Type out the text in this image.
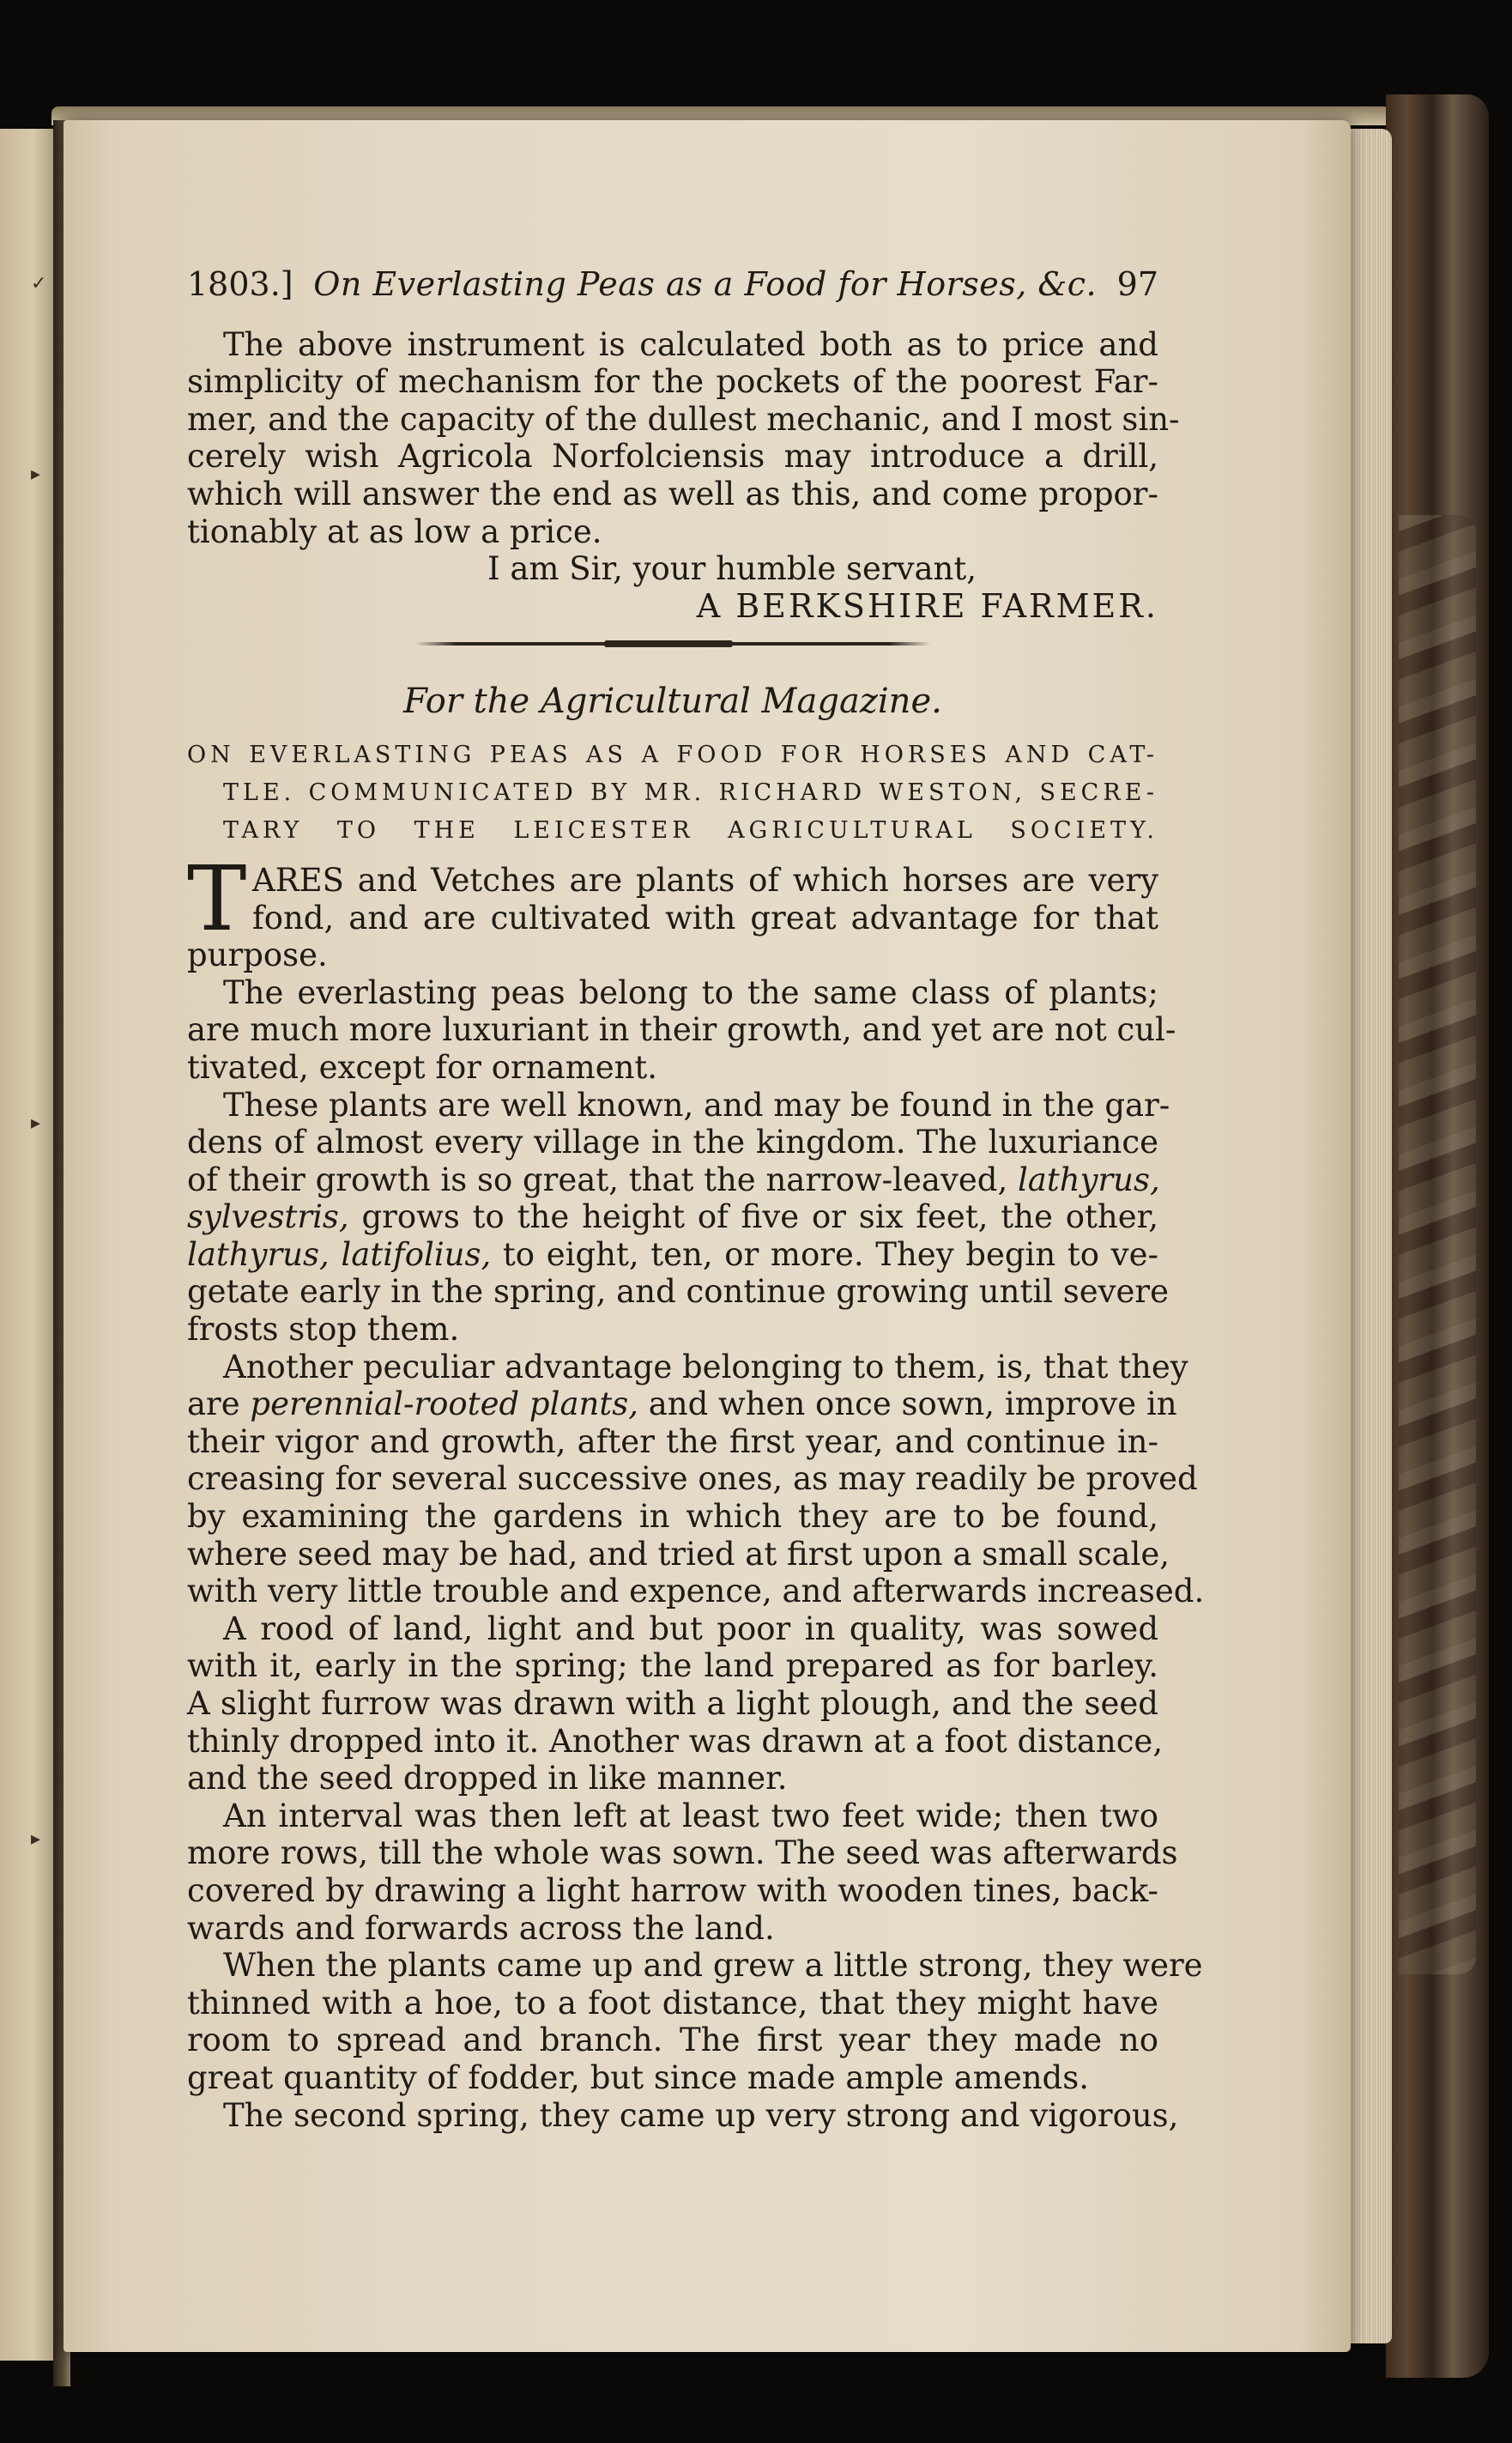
✓
▸
▸
▸
1803.] On Everlasting Peas as a Food for Horses, &c. 97
The above instrument is calculated both as to price and
simplicity of mechanism for the pockets of the poorest Far-
mer, and the capacity of the dullest mechanic, and I most sin-
cerely wish Agricola Norfolciensis may introduce a drill,
which will answer the end as well as this, and come propor-
tionably at as low a price.
I am Sir, your humble servant,
A BERKSHIRE FARMER.
For the Agricultural Magazine.
ON EVERLASTING PEAS AS A FOOD FOR HORSES AND CAT-
TLE. COMMUNICATED BY MR. RICHARD WESTON, SECRE-
TARY TO THE LEICESTER AGRICULTURAL SOCIETY.
T ARES and Vetches are plants of which horses are very
fond, and are cultivated with great advantage for that
purpose.
The everlasting peas belong to the same class of plants;
are much more luxuriant in their growth, and yet are not cul-
tivated, except for ornament.
These plants are well known, and may be found in the gar-
dens of almost every village in the kingdom. The luxuriance
of their growth is so great, that the narrow-leaved, lathyrus,
sylvestris, grows to the height of five or six feet, the other,
lathyrus, latifolius, to eight, ten, or more. They begin to ve-
getate early in the spring, and continue growing until severe
frosts stop them.
Another peculiar advantage belonging to them, is, that they
are perennial-rooted plants, and when once sown, improve in
their vigor and growth, after the first year, and continue in-
creasing for several successive ones, as may readily be proved
by examining the gardens in which they are to be found,
where seed may be had, and tried at first upon a small scale,
with very little trouble and expence, and afterwards increased.
A rood of land, light and but poor in quality, was sowed
with it, early in the spring; the land prepared as for barley.
A slight furrow was drawn with a light plough, and the seed
thinly dropped into it. Another was drawn at a foot distance,
and the seed dropped in like manner.
An interval was then left at least two feet wide; then two
more rows, till the whole was sown. The seed was afterwards
covered by drawing a light harrow with wooden tines, back-
wards and forwards across the land.
When the plants came up and grew a little strong, they were
thinned with a hoe, to a foot distance, that they might have
room to spread and branch. The first year they made no
great quantity of fodder, but since made ample amends.
The second spring, they came up very strong and vigorous,
